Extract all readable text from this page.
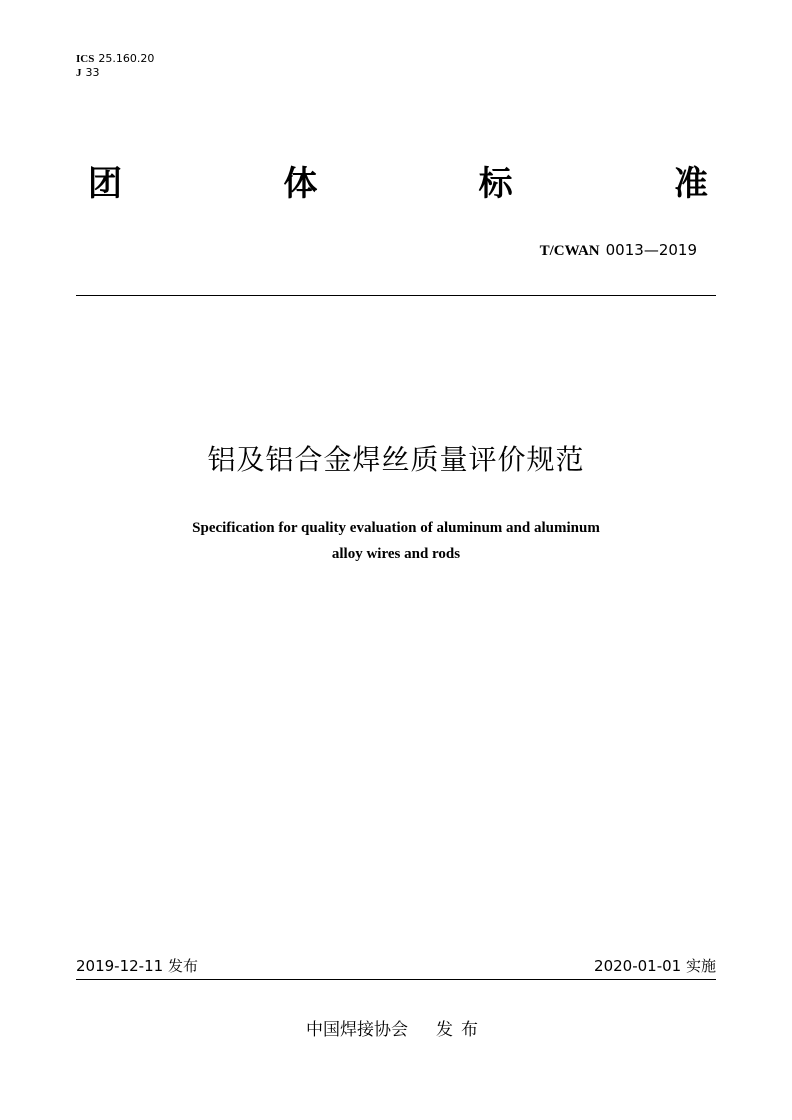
ICS 25.160.20
J 33
团	体	标	准
T/CWAN 0013—2019
铝及铝合金焊丝质量评价规范
Specification for quality evaluation of aluminum and aluminum
alloy wires and rods
2019-12-11 发布	2020-01-01 实施
中国焊接协会 发布
